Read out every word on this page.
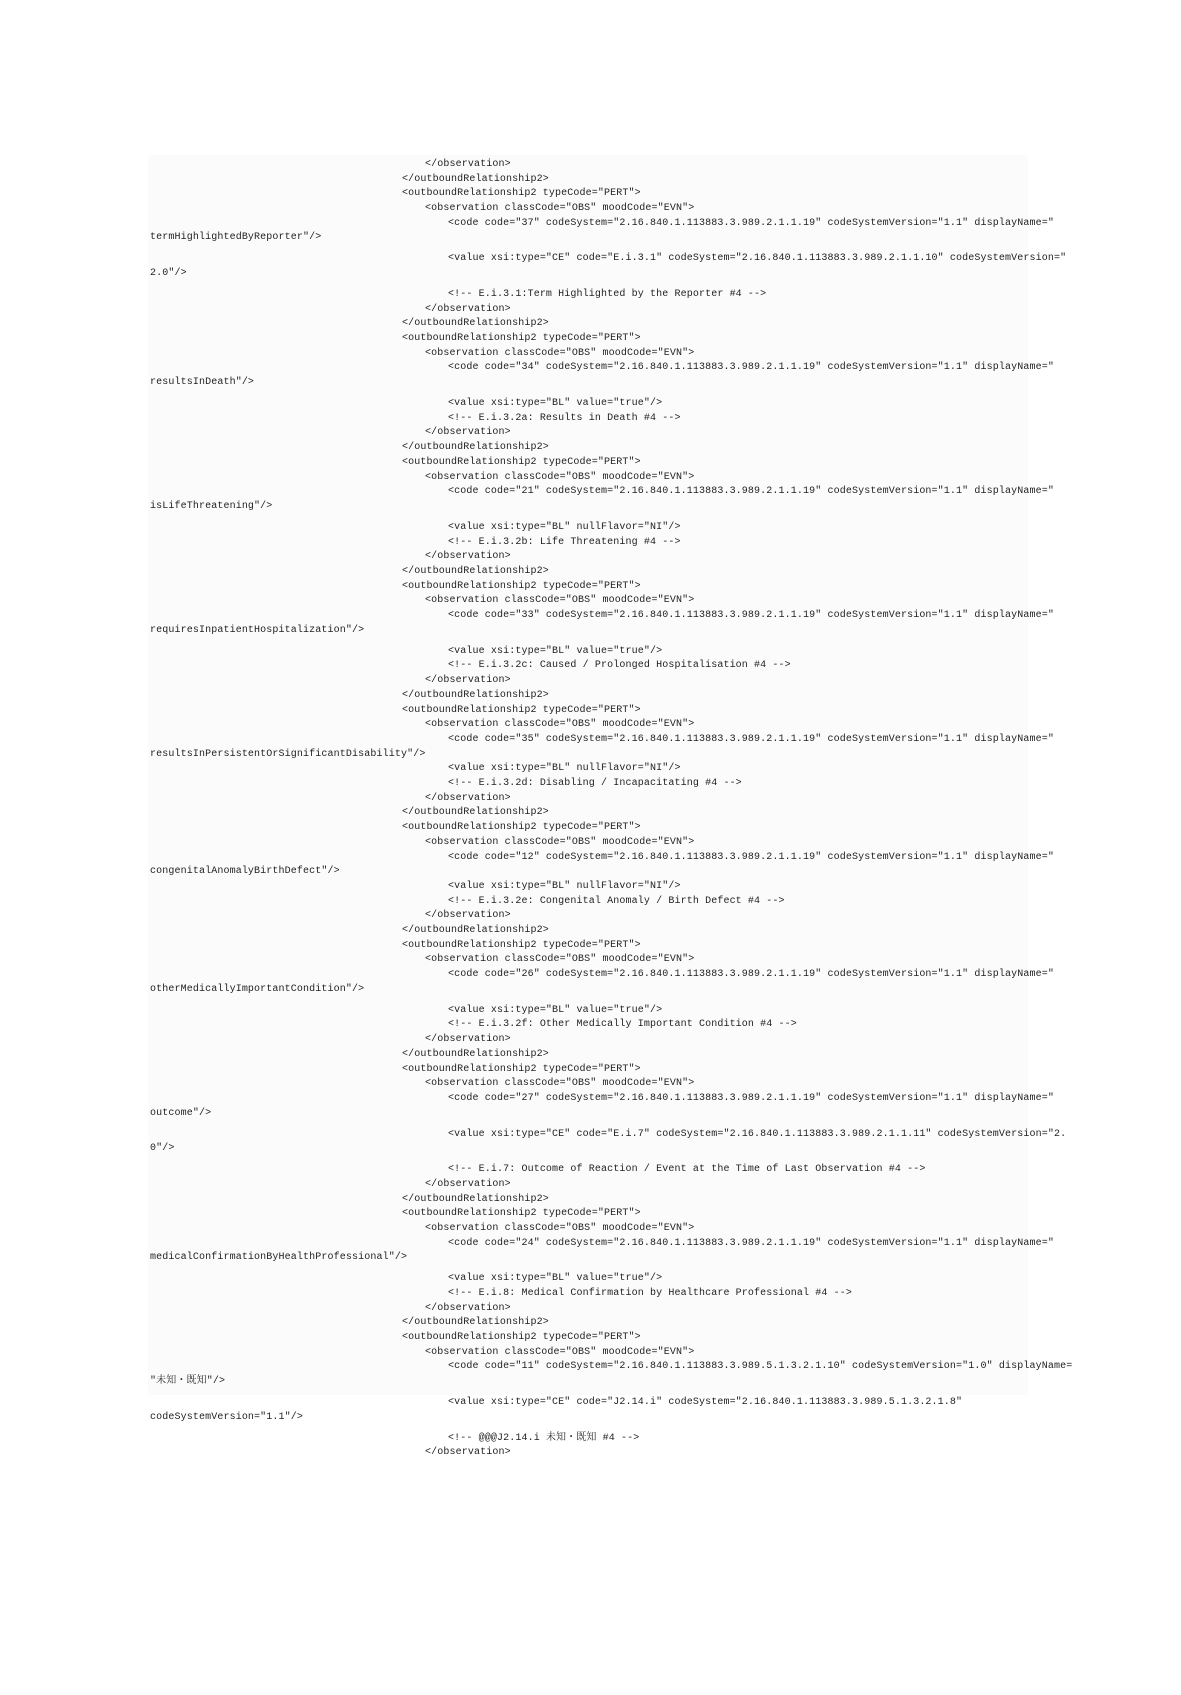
</observation>
</outboundRelationship2>
<outboundRelationship2 typeCode="PERT">
<observation classCode="OBS" moodCode="EVN">
<code code="37" codeSystem="2.16.840.1.113883.3.989.2.1.1.19" codeSystemVersion="1.1" displayName="
termHighlightedByReporter"/>
<value xsi:type="CE" code="E.i.3.1" codeSystem="2.16.840.1.113883.3.989.2.1.1.10" codeSystemVersion="
2.0"/>
<!-- E.i.3.1:Term Highlighted by the Reporter #4 -->
</observation>
</outboundRelationship2>
<outboundRelationship2 typeCode="PERT">
<observation classCode="OBS" moodCode="EVN">
<code code="34" codeSystem="2.16.840.1.113883.3.989.2.1.1.19" codeSystemVersion="1.1" displayName="
resultsInDeath"/>
<value xsi:type="BL" value="true"/>
<!-- E.i.3.2a: Results in Death #4 -->
</observation>
</outboundRelationship2>
<outboundRelationship2 typeCode="PERT">
<observation classCode="OBS" moodCode="EVN">
<code code="21" codeSystem="2.16.840.1.113883.3.989.2.1.1.19" codeSystemVersion="1.1" displayName="
isLifeThreatening"/>
<value xsi:type="BL" nullFlavor="NI"/>
<!-- E.i.3.2b: Life Threatening #4 -->
</observation>
</outboundRelationship2>
<outboundRelationship2 typeCode="PERT">
<observation classCode="OBS" moodCode="EVN">
<code code="33" codeSystem="2.16.840.1.113883.3.989.2.1.1.19" codeSystemVersion="1.1" displayName="
requiresInpatientHospitalization"/>
<value xsi:type="BL" value="true"/>
<!-- E.i.3.2c: Caused / Prolonged Hospitalisation #4 -->
</observation>
</outboundRelationship2>
<outboundRelationship2 typeCode="PERT">
<observation classCode="OBS" moodCode="EVN">
<code code="35" codeSystem="2.16.840.1.113883.3.989.2.1.1.19" codeSystemVersion="1.1" displayName="
resultsInPersistentOrSignificantDisability"/>
<value xsi:type="BL" nullFlavor="NI"/>
<!-- E.i.3.2d: Disabling / Incapacitating #4 -->
</observation>
</outboundRelationship2>
<outboundRelationship2 typeCode="PERT">
<observation classCode="OBS" moodCode="EVN">
<code code="12" codeSystem="2.16.840.1.113883.3.989.2.1.1.19" codeSystemVersion="1.1" displayName="
congenitalAnomalyBirthDefect"/>
<value xsi:type="BL" nullFlavor="NI"/>
<!-- E.i.3.2e: Congenital Anomaly / Birth Defect #4 -->
</observation>
</outboundRelationship2>
<outboundRelationship2 typeCode="PERT">
<observation classCode="OBS" moodCode="EVN">
<code code="26" codeSystem="2.16.840.1.113883.3.989.2.1.1.19" codeSystemVersion="1.1" displayName="
otherMedicallyImportantCondition"/>
<value xsi:type="BL" value="true"/>
<!-- E.i.3.2f: Other Medically Important Condition #4 -->
</observation>
</outboundRelationship2>
<outboundRelationship2 typeCode="PERT">
<observation classCode="OBS" moodCode="EVN">
<code code="27" codeSystem="2.16.840.1.113883.3.989.2.1.1.19" codeSystemVersion="1.1" displayName="
outcome"/>
<value xsi:type="CE" code="E.i.7" codeSystem="2.16.840.1.113883.3.989.2.1.1.11" codeSystemVersion="2.
0"/>
<!-- E.i.7: Outcome of Reaction / Event at the Time of Last Observation #4 -->
</observation>
</outboundRelationship2>
<outboundRelationship2 typeCode="PERT">
<observation classCode="OBS" moodCode="EVN">
<code code="24" codeSystem="2.16.840.1.113883.3.989.2.1.1.19" codeSystemVersion="1.1" displayName="
medicalConfirmationByHealthProfessional"/>
<value xsi:type="BL" value="true"/>
<!-- E.i.8: Medical Confirmation by Healthcare Professional #4 -->
</observation>
</outboundRelationship2>
<outboundRelationship2 typeCode="PERT">
<observation classCode="OBS" moodCode="EVN">
<code code="11" codeSystem="2.16.840.1.113883.3.989.5.1.3.2.1.10" codeSystemVersion="1.0" displayName=
"未知・既知"/>
<value xsi:type="CE" code="J2.14.i" codeSystem="2.16.840.1.113883.3.989.5.1.3.2.1.8"
codeSystemVersion="1.1"/>
<!-- @@@J2.14.i 未知・既知 #4 -->
</observation>
